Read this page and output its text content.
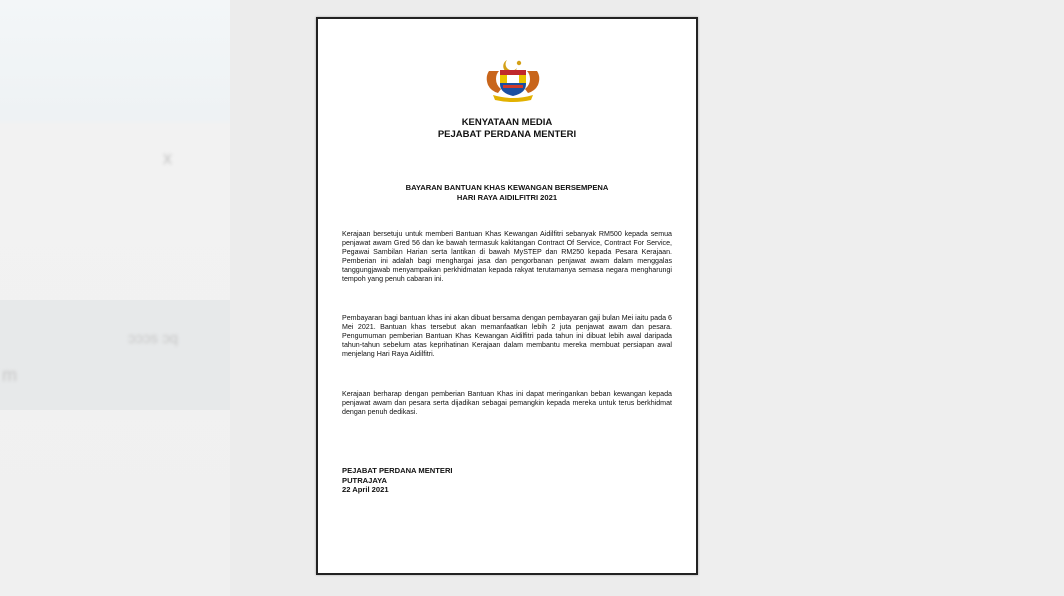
x
ɔɔɔs ɔq
m
KENYATAAN MEDIA
PEJABAT PERDANA MENTERI
BAYARAN BANTUAN KHAS KEWANGAN BERSEMPENA
HARI RAYA AIDILFITRI 2021
Kerajaan bersetuju untuk memberi Bantuan Khas Kewangan Aidilfitri sebanyak RM500 kepada semua penjawat awam Gred 56 dan ke bawah termasuk kakitangan Contract Of Service, Contract For Service, Pegawai Sambilan Harian serta lantikan di bawah MySTEP dan RM250 kepada Pesara Kerajaan. Pemberian ini adalah bagi menghargai jasa dan pengorbanan penjawat awam dalam menggalas tanggungjawab menyampaikan perkhidmatan kepada rakyat terutamanya semasa negara mengharungi tempoh yang penuh cabaran ini.
Pembayaran bagi bantuan khas ini akan dibuat bersama dengan pembayaran gaji bulan Mei iaitu pada 6 Mei 2021. Bantuan khas tersebut akan memanfaatkan lebih 2 juta penjawat awam dan pesara. Pengumuman pemberian Bantuan Khas Kewangan Aidilfitri pada tahun ini dibuat lebih awal daripada tahun-tahun sebelum atas keprihatinan Kerajaan dalam membantu mereka membuat persiapan awal menjelang Hari Raya Aidilfitri.
Kerajaan berharap dengan pemberian Bantuan Khas ini dapat meringankan beban kewangan kepada penjawat awam dan pesara serta dijadikan sebagai pemangkin kepada mereka untuk terus berkhidmat dengan penuh dedikasi.
PEJABAT PERDANA MENTERI
PUTRAJAYA
22 April 2021
